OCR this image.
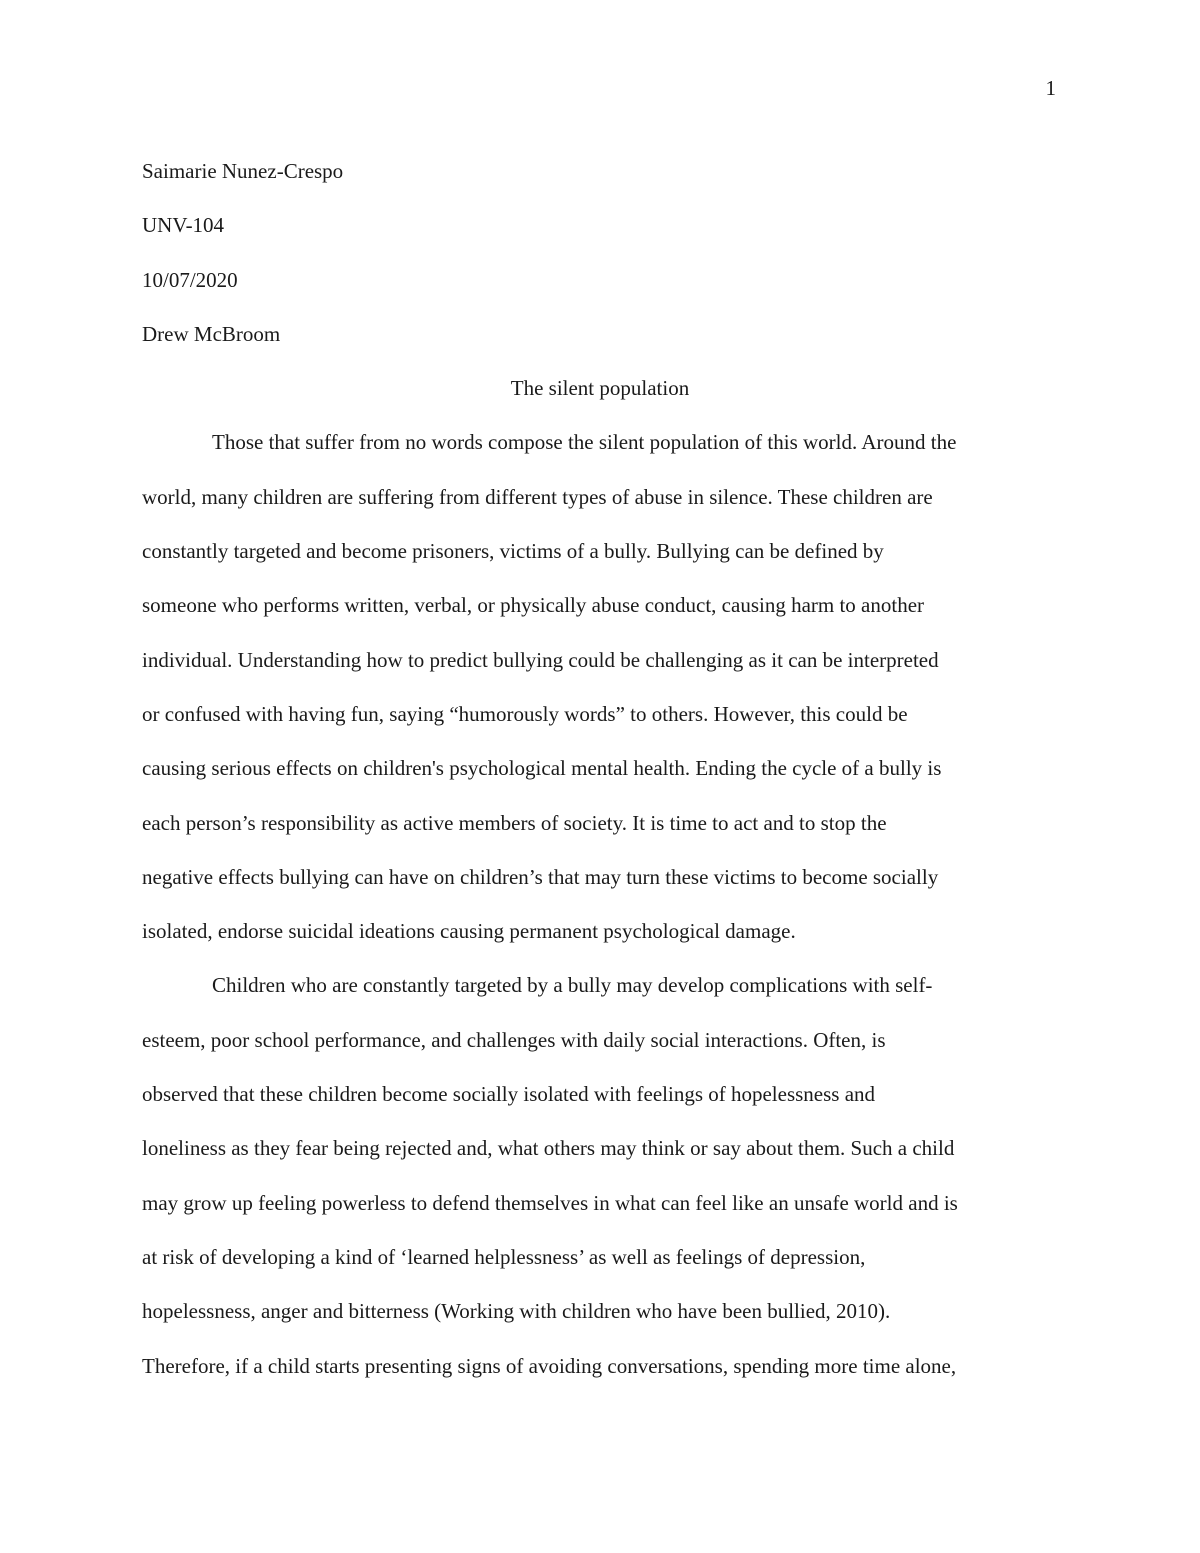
1
Saimarie Nunez-Crespo
UNV-104
10/07/2020
Drew McBroom
The silent population
Those that suffer from no words compose the silent population of this world. Around the
world, many children are suffering from different types of abuse in silence. These children are
constantly targeted and become prisoners, victims of a bully. Bullying can be defined by
someone who performs written, verbal, or physically abuse conduct, causing harm to another
individual. Understanding how to predict bullying could be challenging as it can be interpreted
or confused with having fun, saying “humorously words” to others. However, this could be
causing serious effects on children's psychological mental health. Ending the cycle of a bully is
each person’s responsibility as active members of society. It is time to act and to stop the
negative effects bullying can have on children’s that may turn these victims to become socially
isolated, endorse suicidal ideations causing permanent psychological damage.
Children who are constantly targeted by a bully may develop complications with self-
esteem, poor school performance, and challenges with daily social interactions. Often, is
observed that these children become socially isolated with feelings of hopelessness and
loneliness as they fear being rejected and, what others may think or say about them. Such a child
may grow up feeling powerless to defend themselves in what can feel like an unsafe world and is
at risk of developing a kind of ‘learned helplessness’ as well as feelings of depression,
hopelessness, anger and bitterness (Working with children who have been bullied, 2010).
Therefore, if a child starts presenting signs of avoiding conversations, spending more time alone,
